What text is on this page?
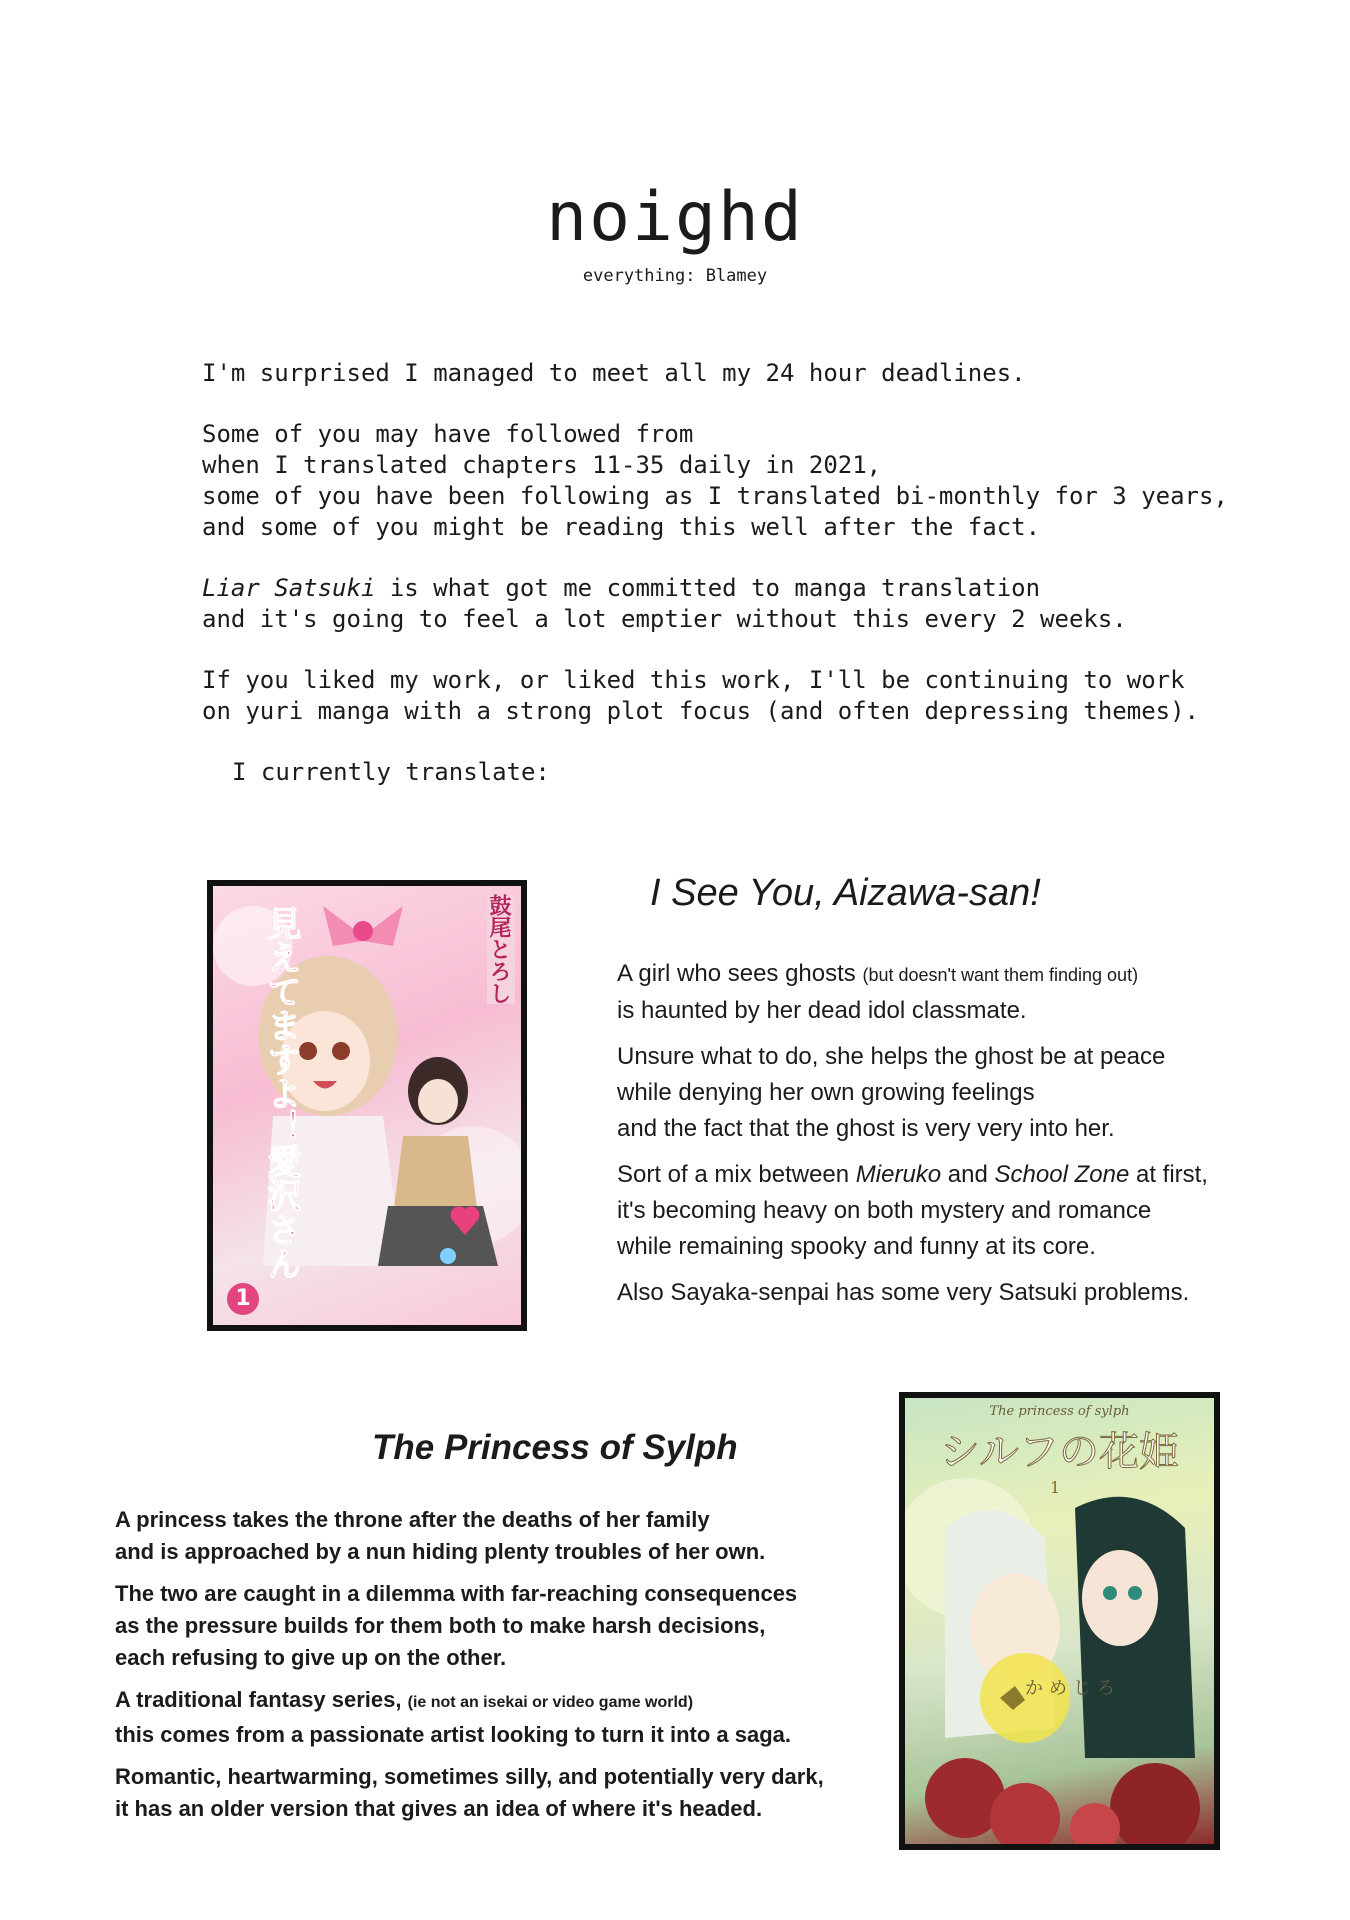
noighd
everything: Blamey

I'm surprised I managed to meet all my 24 hour deadlines.

Some of you may have followed from
when I translated chapters 11-35 daily in 2021,
some of you have been following as I translated bi-monthly for 3 years,
and some of you might be reading this well after the fact.

Liar Satsuki is what got me committed to manga translation
and it's going to feel a lot emptier without this every 2 weeks.

If you liked my work, or liked this work, I'll be continuing to work
on yuri manga with a strong plot focus (and often depressing themes).

I currently translate:

鼓尾とろし
見えてますよ！愛沢さん
1
I See You, Aizawa-san!

A girl who sees ghosts (but doesn't want them finding out)
is haunted by her dead idol classmate.

Unsure what to do, she helps the ghost be at peace
while denying her own growing feelings
and the fact that the ghost is very very into her.

Sort of a mix between Mieruko and School Zone at first,
it's becoming heavy on both mystery and romance
while remaining spooky and funny at its core.

Also Sayaka-senpai has some very Satsuki problems.

The Princess of Sylph

A princess takes the throne after the deaths of her family
and is approached by a nun hiding plenty troubles of her own.

The two are caught in a dilemma with far-reaching consequences
as the pressure builds for them both to make harsh decisions,
each refusing to give up on the other.

A traditional fantasy series, (ie not an isekai or video game world)
this comes from a passionate artist looking to turn it into a saga.

Romantic, heartwarming, sometimes silly, and potentially very dark,
it has an older version that gives an idea of where it's headed.

The princess of sylph
シルフの花姫
1
かめじろ
